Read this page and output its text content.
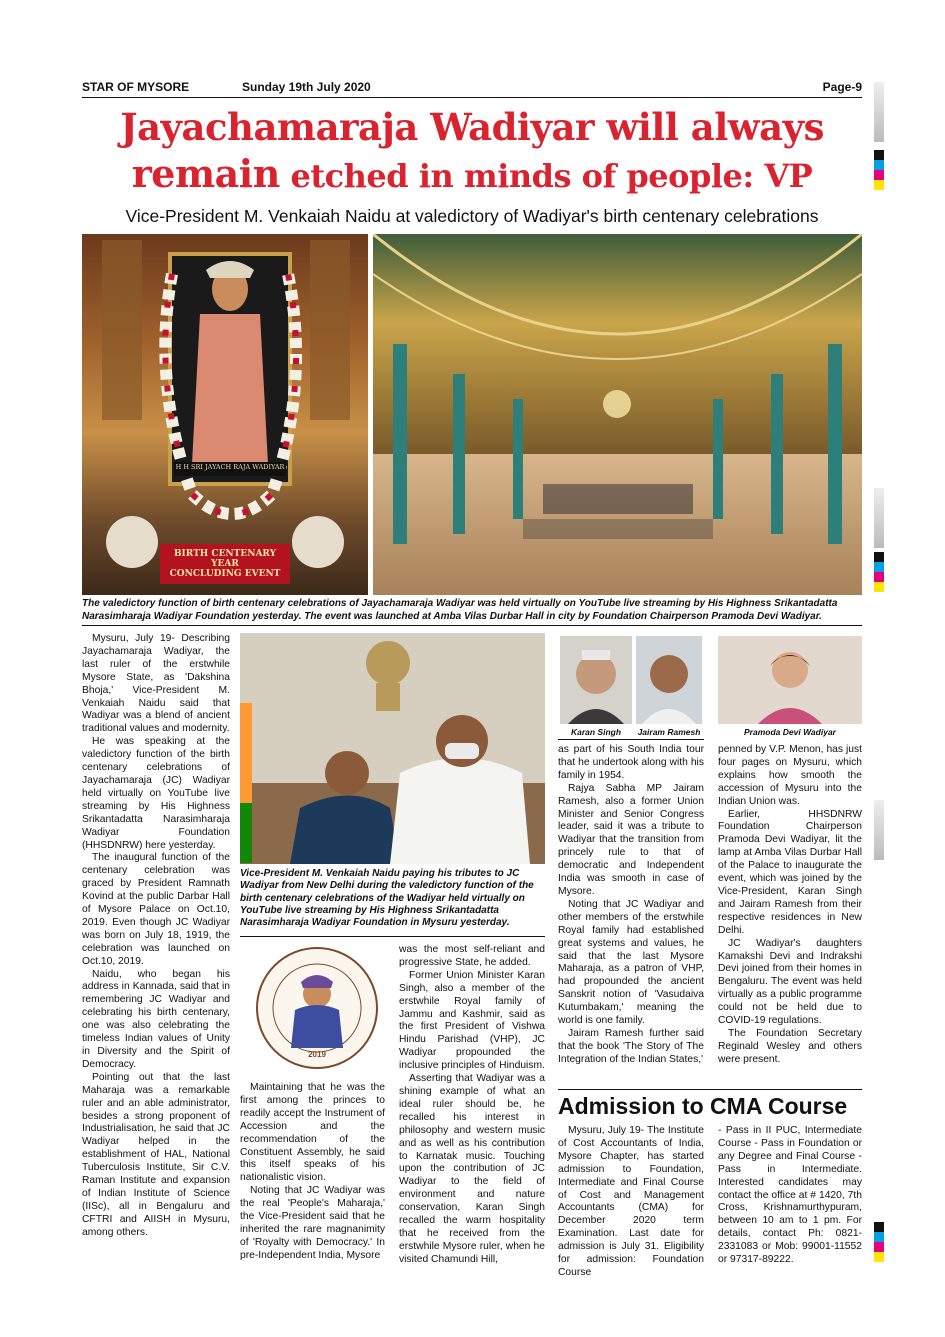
STAR OF MYSORE	Sunday 19th July 2020	Page-9
Jayachamaraja Wadiyar will always
remain etched in minds of people: VP
Vice-President M. Venkaiah Naidu at valedictory of Wadiyar's birth centenary celebrations
H H SRI JAYACH RAJA WADIYAR
BIRTH CENTENARY YEAR
CONCLUDING EVENT
The valedictory function of birth centenary celebrations of Jayachamaraja Wadiyar was held virtually on YouTube live streaming by His Highness Srikantadatta Narasimharaja Wadiyar Foundation yesterday. The event was launched at Amba Vilas Durbar Hall in city by Foundation Chairperson Pramoda Devi Wadiyar.

Mysuru, July 19- Describing Jayachamaraja Wadiyar, the last ruler of the erstwhile Mysore State, as 'Dakshina Bhoja,' Vice-President M. Venkaiah Naidu said that Wadiyar was a blend of ancient traditional values and modernity.

He was speaking at the valedictory function of the birth centenary celebrations of Jayachamaraja (JC) Wadiyar held virtually on YouTube live streaming by His Highness Srikantadatta Narasimharaja Wadiyar Foundation (HHSDNRW) here yesterday.

The inaugural function of the centenary celebration was graced by President Ramnath Kovind at the public Darbar Hall of Mysore Palace on Oct.10, 2019. Even though JC Wadiyar was born on July 18, 1919, the celebration was launched on Oct.10, 2019.

Naidu, who began his address in Kannada, said that in remembering JC Wadiyar and celebrating his birth centenary, one was also celebrating the timeless Indian values of Unity in Diversity and the Spirit of Democracy.

Pointing out that the last Maharaja was a remarkable ruler and an able administrator, besides a strong proponent of Industrialisation, he said that JC Wadiyar helped in the establishment of HAL, National Tuberculosis Institute, Sir C.V. Raman Institute and expansion of Indian Institute of Science (IISc), all in Bengaluru and CFTRI and AIISH in Mysuru, among others.

Vice-President M. Venkaiah Naidu paying his tributes to JC Wadiyar from New Delhi during the valedictory function of the birth centenary celebrations of the Wadiyar held virtually on YouTube live streaming by His Highness Srikantadatta Narasimharaja Wadiyar Foundation in Mysuru yesterday.
2019

Maintaining that he was the first among the princes to readily accept the Instrument of Accession and the recommendation of the Constituent Assembly, he said this itself speaks of his nationalistic vision.

Noting that JC Wadiyar was the real 'People's Maharaja,' the Vice-President said that he inherited the rare magnanimity of 'Royalty with Democracy.' In pre-Independent India, Mysore

was the most self-reliant and progressive State, he added.

Former Union Minister Karan Singh, also a member of the erstwhile Royal family of Jammu and Kashmir, said as the first President of Vishwa Hindu Parishad (VHP), JC Wadiyar propounded the inclusive principles of Hinduism.

Asserting that Wadiyar was a shining example of what an ideal ruler should be, he recalled his interest in philosophy and western music and as well as his contribution to Karnatak music. Touching upon the contribution of JC Wadiyar to the field of environment and nature conservation, Karan Singh recalled the warm hospitality that he received from the erstwhile Mysore ruler, when he visited Chamundi Hill,

Karan Singh	Jairam Ramesh	Pramoda Devi Wadiyar

as part of his South India tour that he undertook along with his family in 1954.

Rajya Sabha MP Jairam Ramesh, also a former Union Minister and Senior Congress leader, said it was a tribute to Wadiyar that the transition from princely rule to that of democratic and Independent India was smooth in case of Mysore.

Noting that JC Wadiyar and other members of the erstwhile Royal family had established great systems and values, he said that the last Mysore Maharaja, as a patron of VHP, had propounded the ancient Sanskrit notion of 'Vasudaiva Kutumbakam,' meaning the world is one family.

Jairam Ramesh further said that the book 'The Story of The Integration of the Indian States,'

penned by V.P. Menon, has just four pages on Mysuru, which explains how smooth the accession of Mysuru into the Indian Union was.

Earlier, HHSDNRW Foundation Chairperson Pramoda Devi Wadiyar, lit the lamp at Amba Vilas Durbar Hall of the Palace to inaugurate the event, which was joined by the Vice-President, Karan Singh and Jairam Ramesh from their respective residences in New Delhi.

JC Wadiyar's daughters Kamakshi Devi and Indrakshi Devi joined from their homes in Bengaluru. The event was held virtually as a public programme could not be held due to COVID-19 regulations.

The Foundation Secretary Reginald Wesley and others were present.

Admission to CMA Course

Mysuru, July 19- The Institute of Cost Accountants of India, Mysore Chapter, has started admission to Foundation, Intermediate and Final Course of Cost and Management Accountants (CMA) for December 2020 term Examination. Last date for admission is July 31. Eligibility for admission: Foundation Course

- Pass in II PUC, Intermediate Course - Pass in Foundation or any Degree and Final Course - Pass in Intermediate. Interested candidates may contact the office at # 1420, 7th Cross, Krishnamurthypuram, between 10 am to 1 pm. For details, contact Ph: 0821-2331083 or Mob: 99001-11552 or 97317-89222.
